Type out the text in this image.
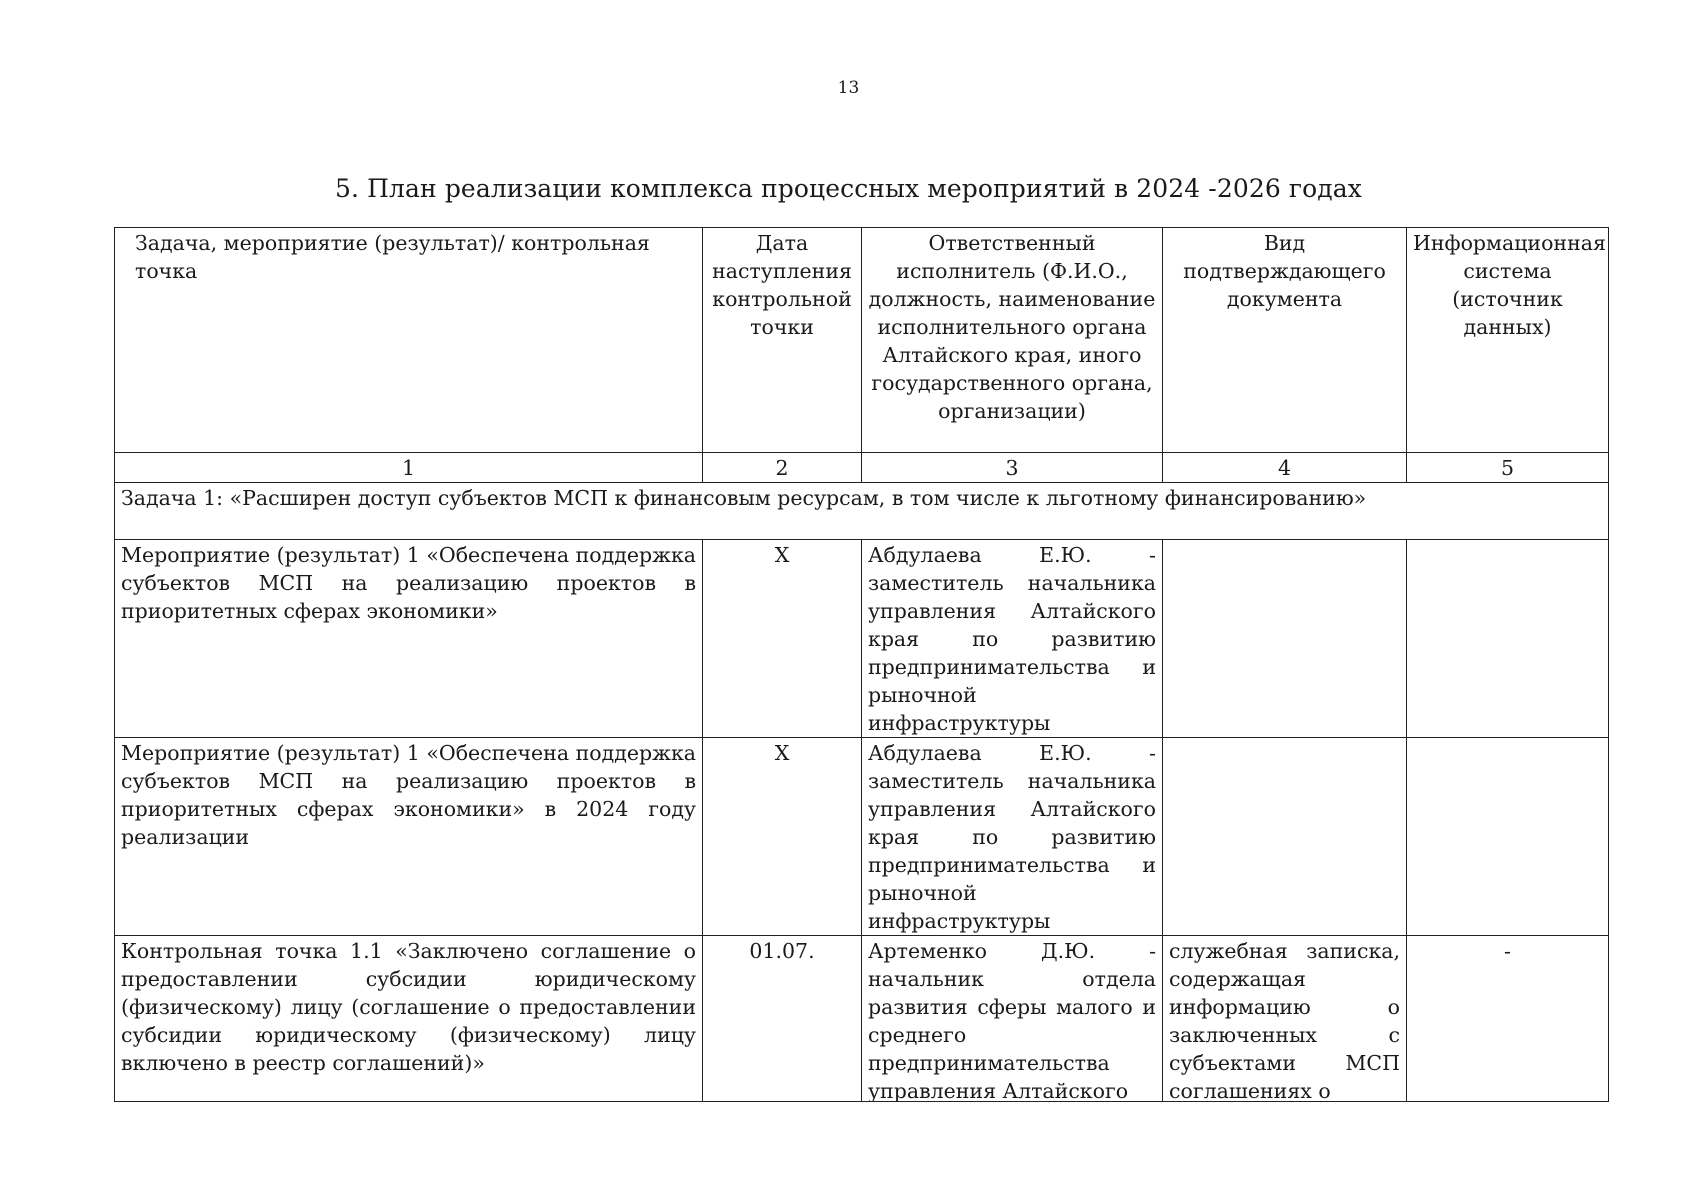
13
5. План реализации комплекса процессных мероприятий в 2024 -2026 годах
Задача, мероприятие (результат)/ контрольная точка	Дата наступления контрольной точки	Ответственный исполнитель (Ф.И.О., должность, наименование исполнительного органа Алтайского края, иного государственного органа, организации)	Вид подтверждающего документа	Информационная система (источник данных)
1	2	3	4	5
Задача 1: «Расширен доступ субъектов МСП к финансовым ресурсам, в том числе к льготному финансированию»				
Мероприятие (результат) 1 «Обеспечена поддержка субъектов МСП на реализацию проектов в приоритетных сферах экономики»	Х	Абдулаева Е.Ю. - заместитель начальника управления Алтайского края по развитию предпринимательства и рыночной инфраструктуры		
Мероприятие (результат) 1 «Обеспечена поддержка субъектов МСП на реализацию проектов в приоритетных сферах экономики» в 2024 году реализации	Х	Абдулаева Е.Ю. - заместитель начальника управления Алтайского края по развитию предпринимательства и рыночной инфраструктуры		

Контрольная точка 1.1 «Заключено соглашение о предоставлении субсидии юридическому (физическому) лицу (соглашение о предоставлении субсидии юридическому (физическому) лицу включено в реестр соглашений)»	01.07.	Артеменко Д.Ю. - начальник отдела развития сферы малого и среднего предпринимательства управления Алтайского	служебная записка, содержащая информацию о заключенных с субъектами МСП соглашениях о	-
